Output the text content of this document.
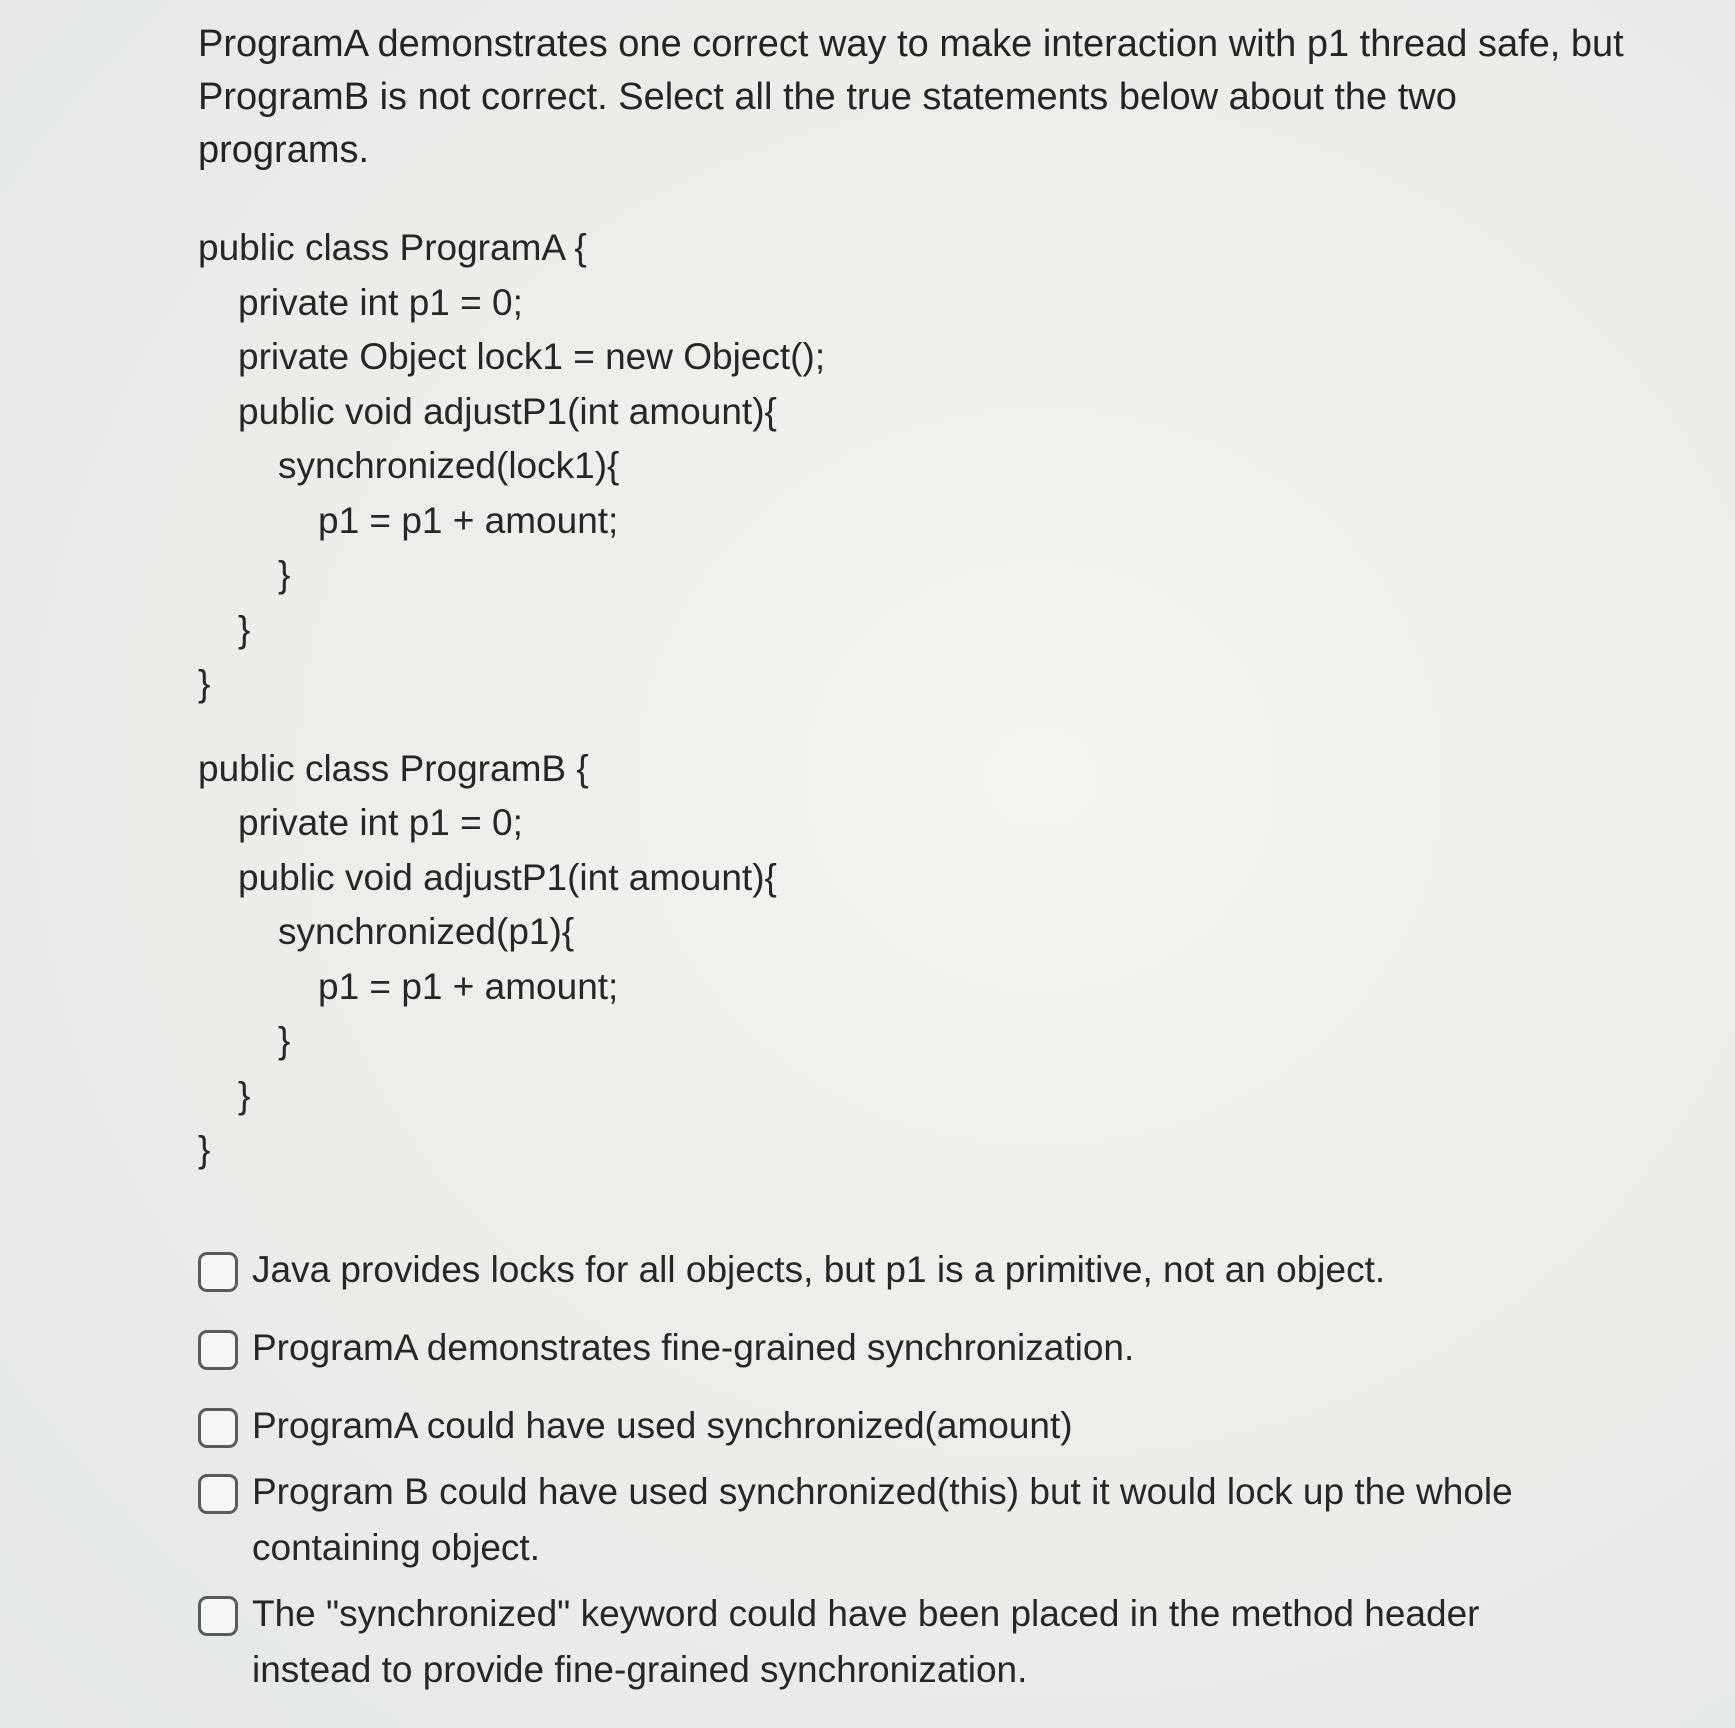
ProgramA demonstrates one correct way to make interaction with p1 thread safe, but ProgramB is not correct. Select all the true statements below about the two programs.

public class ProgramA {
private int p1 = 0;
private Object lock1 = new Object();
public void adjustP1(int amount){
synchronized(lock1){
p1 = p1 + amount;
}
}
}
public class ProgramB {
private int p1 = 0;
public void adjustP1(int amount){
synchronized(p1){
p1 = p1 + amount;
}
}
}
Java provides locks for all objects, but p1 is a primitive, not an object.
ProgramA demonstrates fine-grained synchronization.
ProgramA could have used synchronized(amount)
Program B could have used synchronized(this) but it would lock up the whole containing object.
The "synchronized" keyword could have been placed in the method header instead to provide fine-grained synchronization.
